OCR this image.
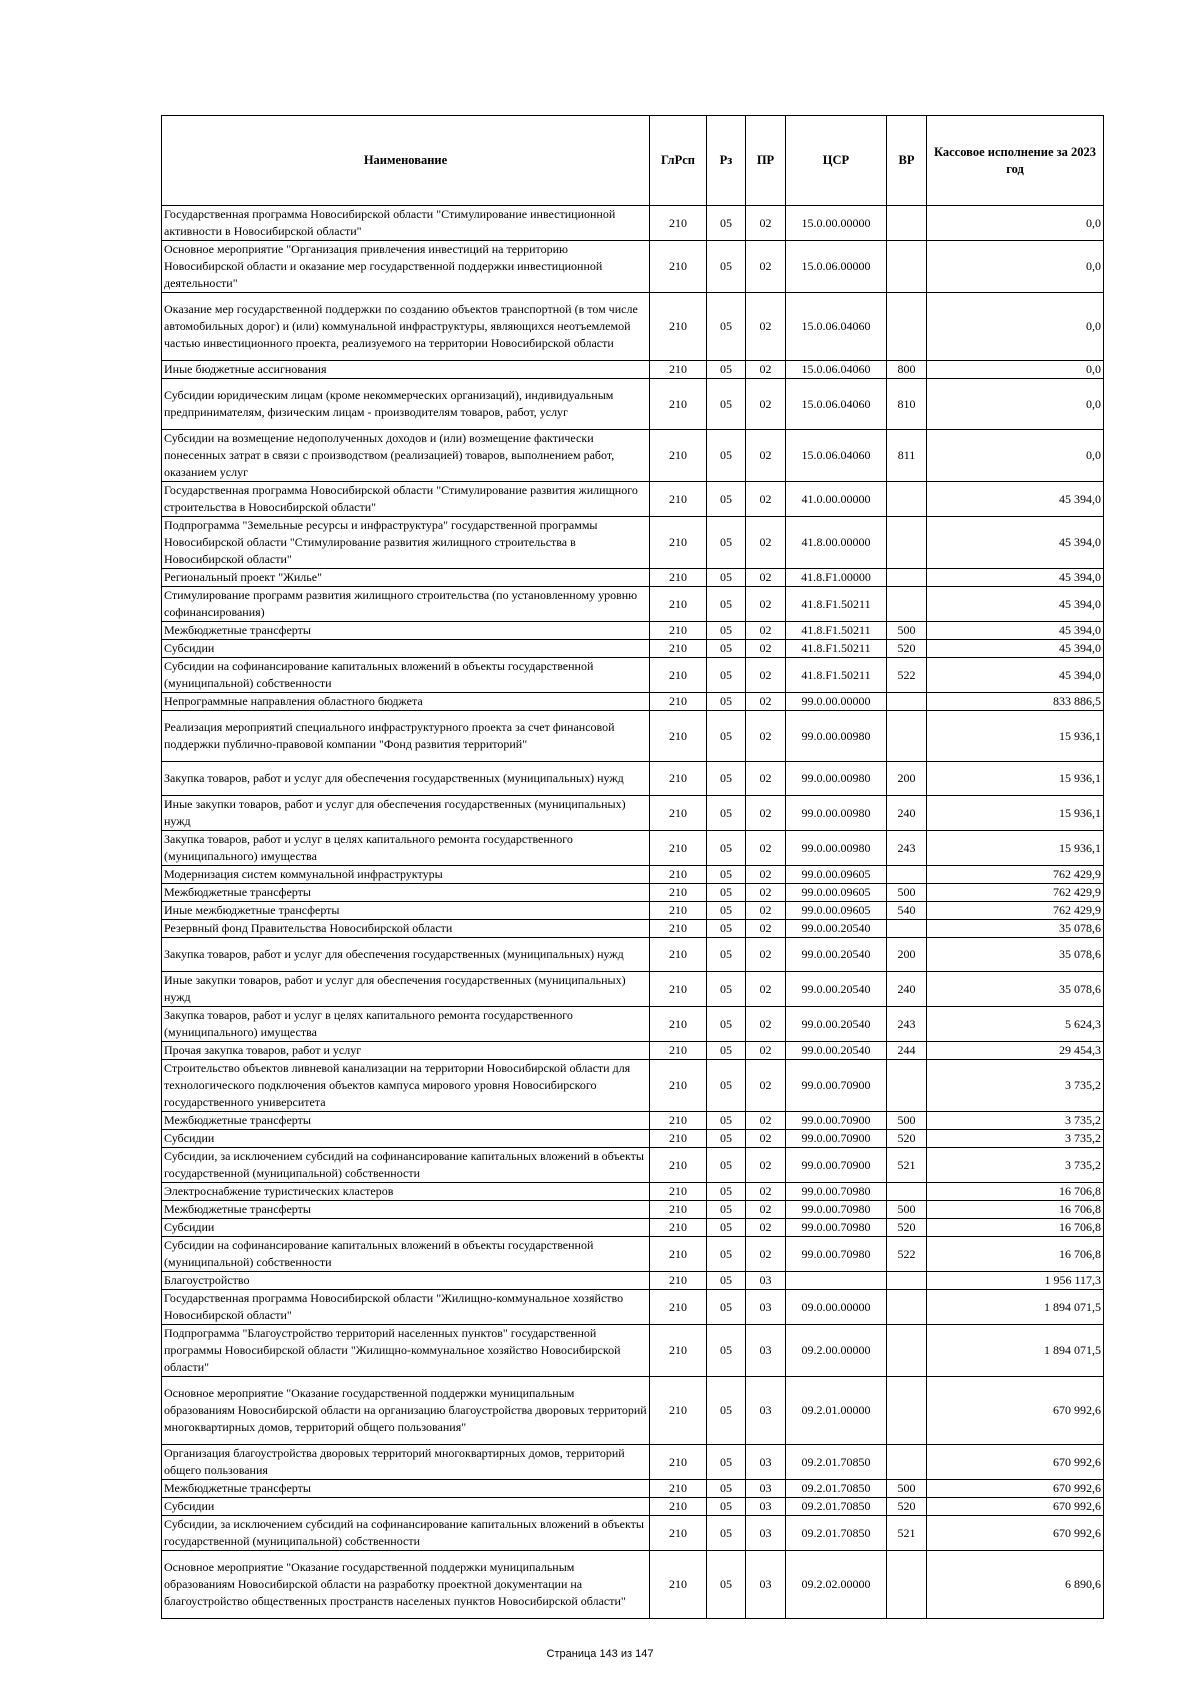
Наименование	ГлРсп	Рз	ПР	ЦСР	ВР	Кассовое исполнение за 2023 год
Государственная программа Новосибирской области "Стимулирование инвестиционной активности в Новосибирской области"	210	05	02	15.0.00.00000		0,0
Основное мероприятие "Организация привлечения инвестиций на территорию Новосибирской области и оказание мер государственной поддержки инвестиционной деятельности"	210	05	02	15.0.06.00000		0,0
Оказание мер государственной поддержки по созданию объектов транспортной (в том числе автомобильных дорог) и (или) коммунальной инфраструктуры, являющихся неотъемлемой частью инвестиционного проекта, реализуемого на территории Новосибирской области	210	05	02	15.0.06.04060		0,0
Иные бюджетные ассигнования	210	05	02	15.0.06.04060	800	0,0
Субсидии юридическим лицам (кроме некоммерческих организаций), индивидуальным предпринимателям, физическим лицам - производителям товаров, работ, услуг	210	05	02	15.0.06.04060	810	0,0
Субсидии на возмещение недополученных доходов и (или) возмещение фактически понесенных затрат в связи с производством (реализацией) товаров, выполнением работ, оказанием услуг	210	05	02	15.0.06.04060	811	0,0
Государственная программа Новосибирской области "Стимулирование развития жилищного строительства в Новосибирской области"	210	05	02	41.0.00.00000		45 394,0
Подпрограмма "Земельные ресурсы и инфраструктура" государственной программы Новосибирской области "Стимулирование развития жилищного строительства в Новосибирской области"	210	05	02	41.8.00.00000		45 394,0
Региональный проект "Жилье"	210	05	02	41.8.F1.00000		45 394,0
Стимулирование программ развития жилищного строительства (по установленному уровню софинансирования)	210	05	02	41.8.F1.50211		45 394,0
Межбюджетные трансферты	210	05	02	41.8.F1.50211	500	45 394,0
Субсидии	210	05	02	41.8.F1.50211	520	45 394,0
Субсидии на софинансирование капитальных вложений в объекты государственной (муниципальной) собственности	210	05	02	41.8.F1.50211	522	45 394,0
Непрограммные направления областного бюджета	210	05	02	99.0.00.00000		833 886,5
Реализация мероприятий специального инфраструктурного проекта за счет финансовой поддержки публично-правовой компании "Фонд развития территорий"	210	05	02	99.0.00.00980		15 936,1
Закупка товаров, работ и услуг для обеспечения государственных (муниципальных) нужд	210	05	02	99.0.00.00980	200	15 936,1
Иные закупки товаров, работ и услуг для обеспечения государственных (муниципальных) нужд	210	05	02	99.0.00.00980	240	15 936,1
Закупка товаров, работ и услуг в целях капитального ремонта государственного (муниципального) имущества	210	05	02	99.0.00.00980	243	15 936,1
Модернизация систем коммунальной инфраструктуры	210	05	02	99.0.00.09605		762 429,9
Межбюджетные трансферты	210	05	02	99.0.00.09605	500	762 429,9
Иные межбюджетные трансферты	210	05	02	99.0.00.09605	540	762 429,9
Резервный фонд Правительства Новосибирской области	210	05	02	99.0.00.20540		35 078,6
Закупка товаров, работ и услуг для обеспечения государственных (муниципальных) нужд	210	05	02	99.0.00.20540	200	35 078,6
Иные закупки товаров, работ и услуг для обеспечения государственных (муниципальных) нужд	210	05	02	99.0.00.20540	240	35 078,6
Закупка товаров, работ и услуг в целях капитального ремонта государственного (муниципального) имущества	210	05	02	99.0.00.20540	243	5 624,3
Прочая закупка товаров, работ и услуг	210	05	02	99.0.00.20540	244	29 454,3
Строительство объектов ливневой канализации на территории Новосибирской области для технологического подключения объектов кампуса мирового уровня Новосибирского государственного университета	210	05	02	99.0.00.70900		3 735,2
Межбюджетные трансферты	210	05	02	99.0.00.70900	500	3 735,2
Субсидии	210	05	02	99.0.00.70900	520	3 735,2
Субсидии, за исключением субсидий на софинансирование капитальных вложений в объекты государственной (муниципальной) собственности	210	05	02	99.0.00.70900	521	3 735,2
Электроснабжение туристических кластеров	210	05	02	99.0.00.70980		16 706,8
Межбюджетные трансферты	210	05	02	99.0.00.70980	500	16 706,8
Субсидии	210	05	02	99.0.00.70980	520	16 706,8
Субсидии на софинансирование капитальных вложений в объекты государственной (муниципальной) собственности	210	05	02	99.0.00.70980	522	16 706,8
Благоустройство	210	05	03			1 956 117,3
Государственная программа Новосибирской области "Жилищно-коммунальное хозяйство Новосибирской области"	210	05	03	09.0.00.00000		1 894 071,5
Подпрограмма "Благоустройство территорий населенных пунктов" государственной программы Новосибирской области "Жилищно-коммунальное хозяйство Новосибирской области"	210	05	03	09.2.00.00000		1 894 071,5
Основное мероприятие "Оказание государственной поддержки муниципальным образованиям Новосибирской области на организацию благоустройства дворовых территорий многоквартирных домов, территорий общего пользования"	210	05	03	09.2.01.00000		670 992,6
Организация благоустройства дворовых территорий многоквартирных домов, территорий общего пользования	210	05	03	09.2.01.70850		670 992,6
Межбюджетные трансферты	210	05	03	09.2.01.70850	500	670 992,6
Субсидии	210	05	03	09.2.01.70850	520	670 992,6
Субсидии, за исключением субсидий на софинансирование капитальных вложений в объекты государственной (муниципальной) собственности	210	05	03	09.2.01.70850	521	670 992,6
Основное мероприятие "Оказание государственной поддержки муниципальным образованиям Новосибирской области на разработку проектной документации на благоустройство общественных пространств населеных пунктов Новосибирской области"	210	05	03	09.2.02.00000		6 890,6
Страница 143 из 147
